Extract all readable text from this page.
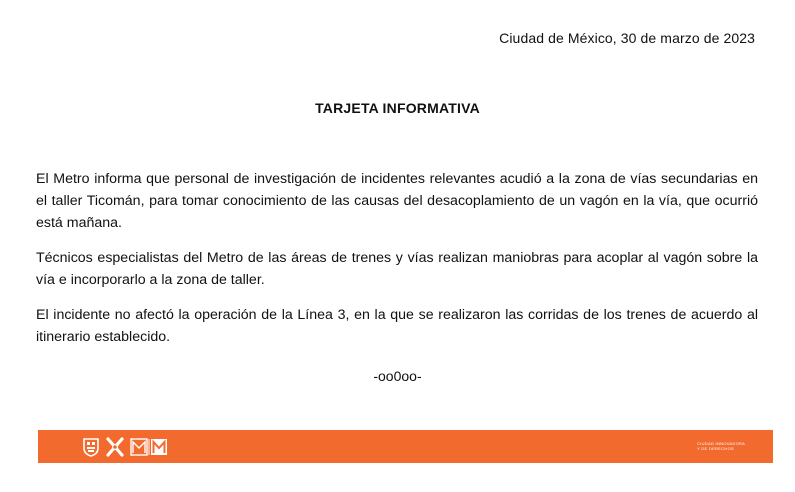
Ciudad de México, 30 de marzo de 2023
TARJETA INFORMATIVA

El Metro informa que personal de investigación de incidentes relevantes acudió a la zona de vías secundarias en el taller Ticomán, para tomar conocimiento de las causas del desacoplamiento de un vagón en la vía, que ocurrió está mañana.

Técnicos especialistas del Metro de las áreas de trenes y vías realizan maniobras para acoplar al vagón sobre la vía e incorporarlo a la zona de taller.

El incidente no afectó la operación de la Línea 3, en la que se realizaron las corridas de los trenes de acuerdo al itinerario establecido.

-oo0oo-
CIUDAD INNOVADORA
Y DE DERECHOS
